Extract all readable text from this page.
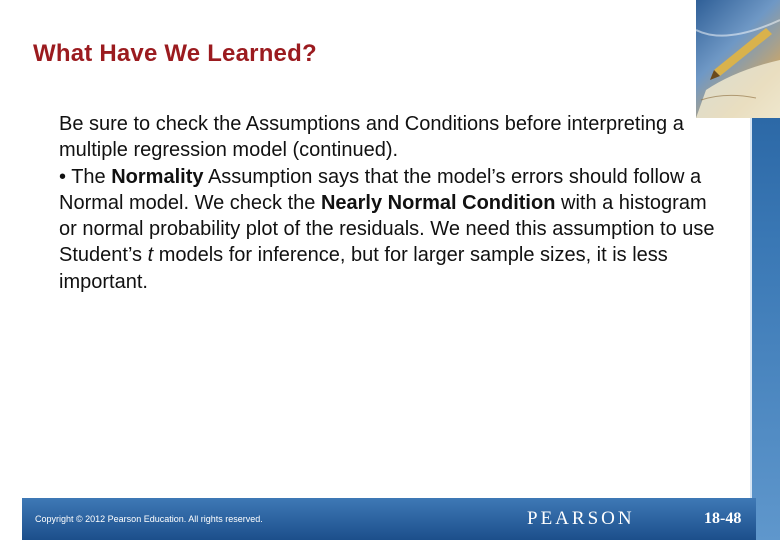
What Have We Learned?

Be sure to check the Assumptions and Conditions before interpreting a multiple regression model (continued).

• The Normality Assumption says that the model’s errors should follow a Normal model. We check the Nearly Normal Condition with a histogram or normal probability plot of the residuals. We need this assumption to use Student’s t models for inference, but for larger sample sizes, it is less important.

Copyright © 2012 Pearson Education. All rights reserved.	PEARSON	18-48
